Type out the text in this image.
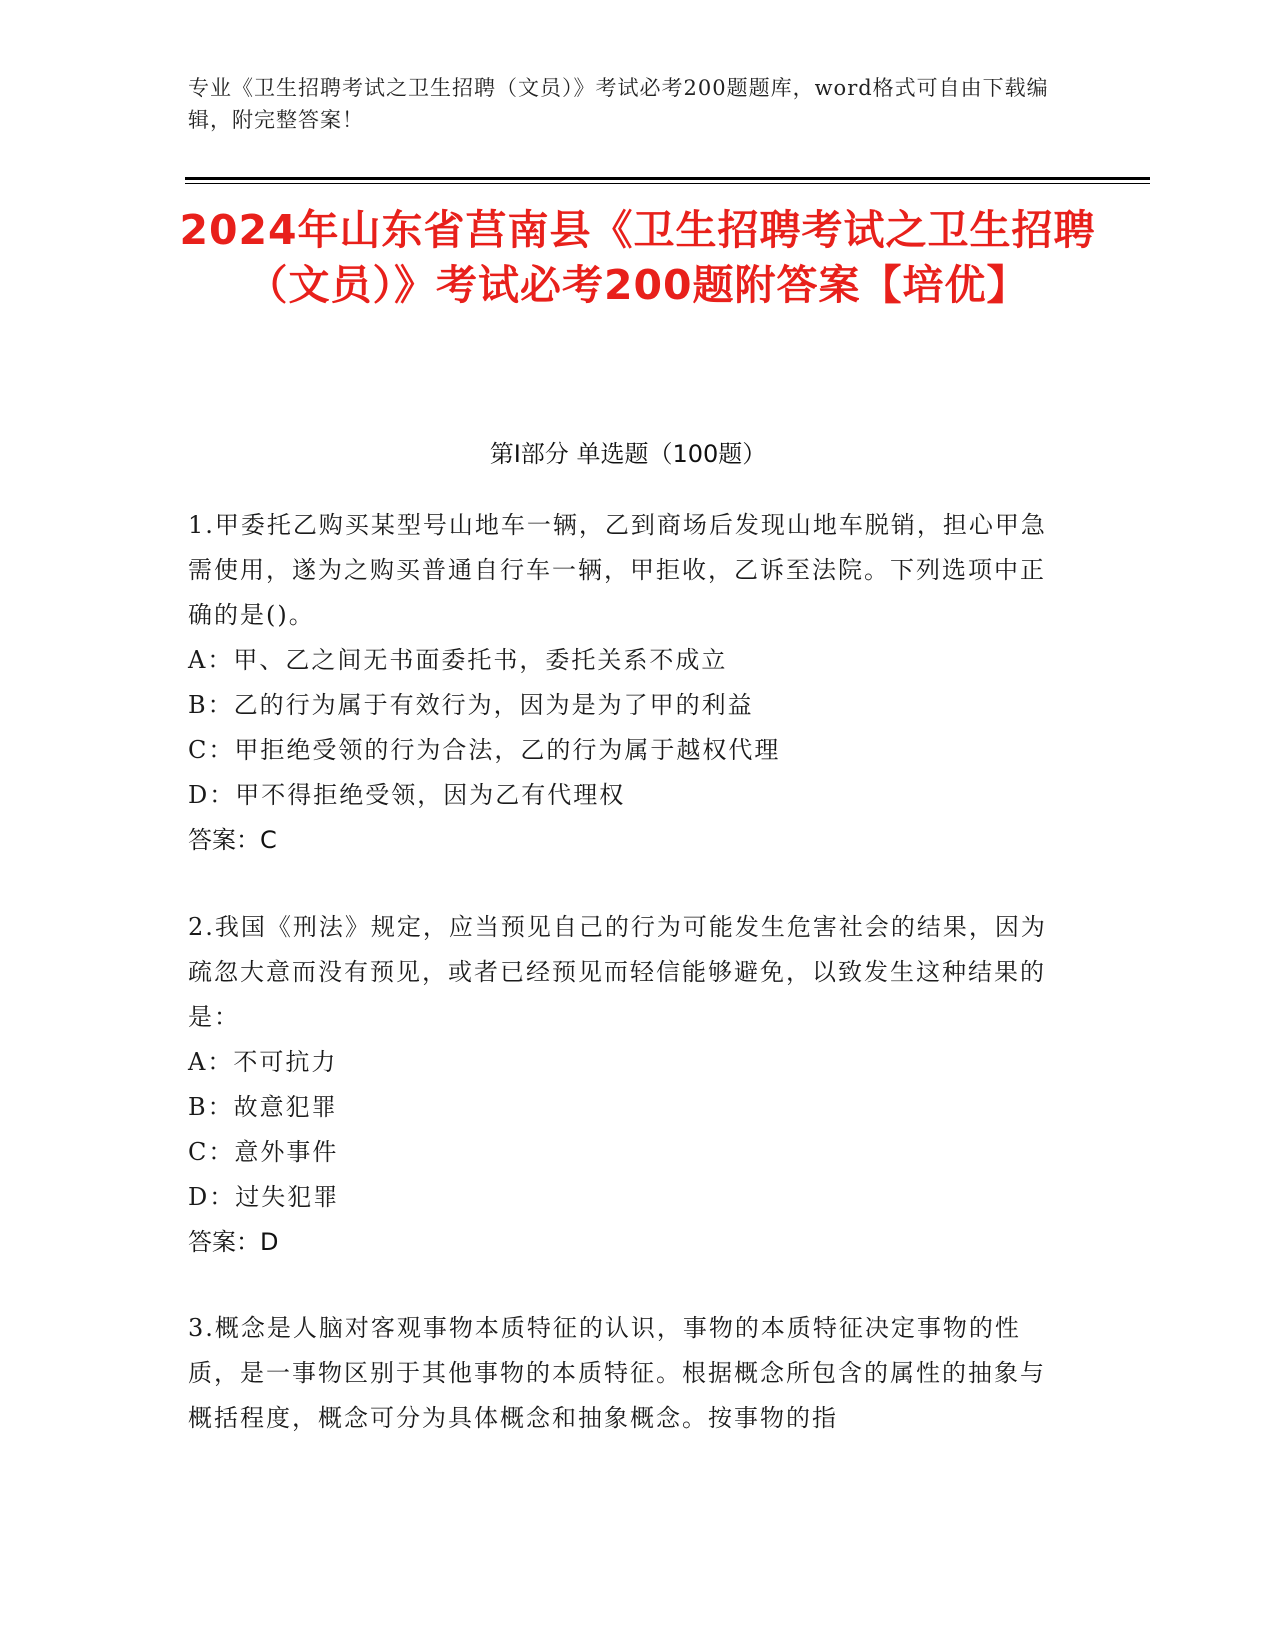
专业《卫生招聘考试之卫生招聘（文员）》考试必考200题题库，word格式可自由下载编辑，附完整答案！
2024年山东省莒南县《卫生招聘考试之卫生招聘（文员）》考试必考200题附答案【培优】
第Ⅰ部分 单选题（100题）
1.甲委托乙购买某型号山地车一辆，乙到商场后发现山地车脱销，担心甲急需使用，遂为之购买普通自行车一辆，甲拒收，乙诉至法院。下列选项中正确的是()。
A：甲、乙之间无书面委托书，委托关系不成立
B：乙的行为属于有效行为，因为是为了甲的利益
C：甲拒绝受领的行为合法，乙的行为属于越权代理
D：甲不得拒绝受领，因为乙有代理权
答案：C
2.我国《刑法》规定，应当预见自己的行为可能发生危害社会的结果，因为疏忽大意而没有预见，或者已经预见而轻信能够避免，以致发生这种结果的是：
A：不可抗力
B：故意犯罪
C：意外事件
D：过失犯罪
答案：D
3.概念是人脑对客观事物本质特征的认识，事物的本质特征决定事物的性质，是一事物区别于其他事物的本质特征。根据概念所包含的属性的抽象与概括程度，概念可分为具体概念和抽象概念。按事物的指
